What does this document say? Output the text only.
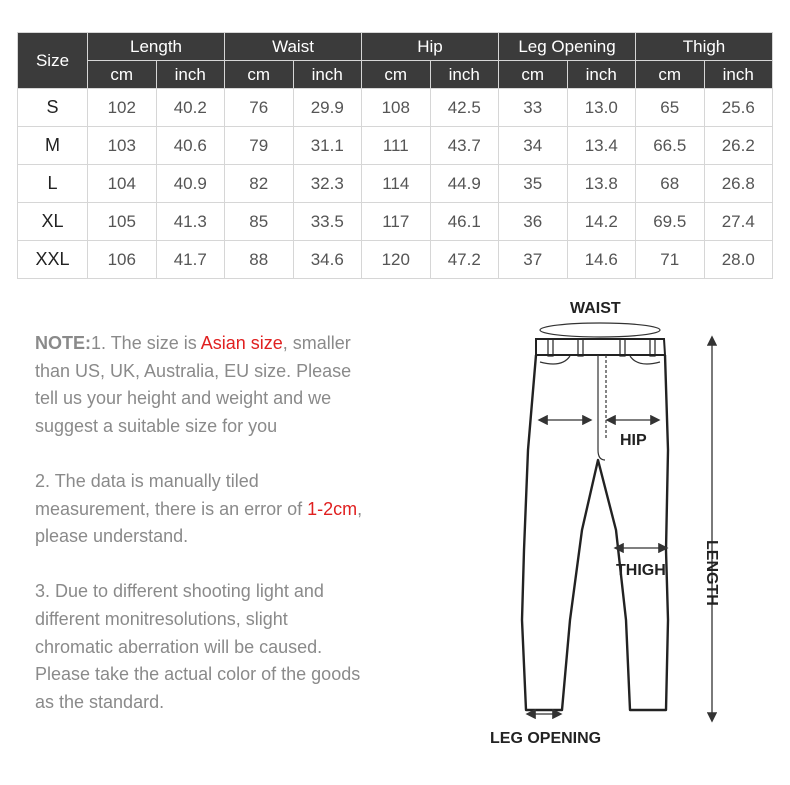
Size	Length		Waist		Hip		Leg Opening		Thigh	
	cm	inch	cm	inch	cm	inch	cm	inch	cm	inch
S	102	40.2	76	29.9	108	42.5	33	13.0	65	25.6
M	103	40.6	79	31.1	111	43.7	34	13.4	66.5	26.2
L	104	40.9	82	32.3	114	44.9	35	13.8	68	26.8
XL	105	41.3	85	33.5	117	46.1	36	14.2	69.5	27.4
XXL	106	41.7	88	34.6	120	47.2	37	14.6	71	28.0

NOTE:1. The size is Asian size, smaller than US, UK, Australia, EU size. Please tell us your height and weight and we suggest a suitable size for you

2. The data is manually tiled measurement, there is an error of 1-2cm, please understand.

3. Due to different shooting light and different monitresolutions, slight chromatic aberration will be caused. Please take the actual color of the goods as the standard.

WAIST
HIP
THIGH LENGTH
LEG OPENING
